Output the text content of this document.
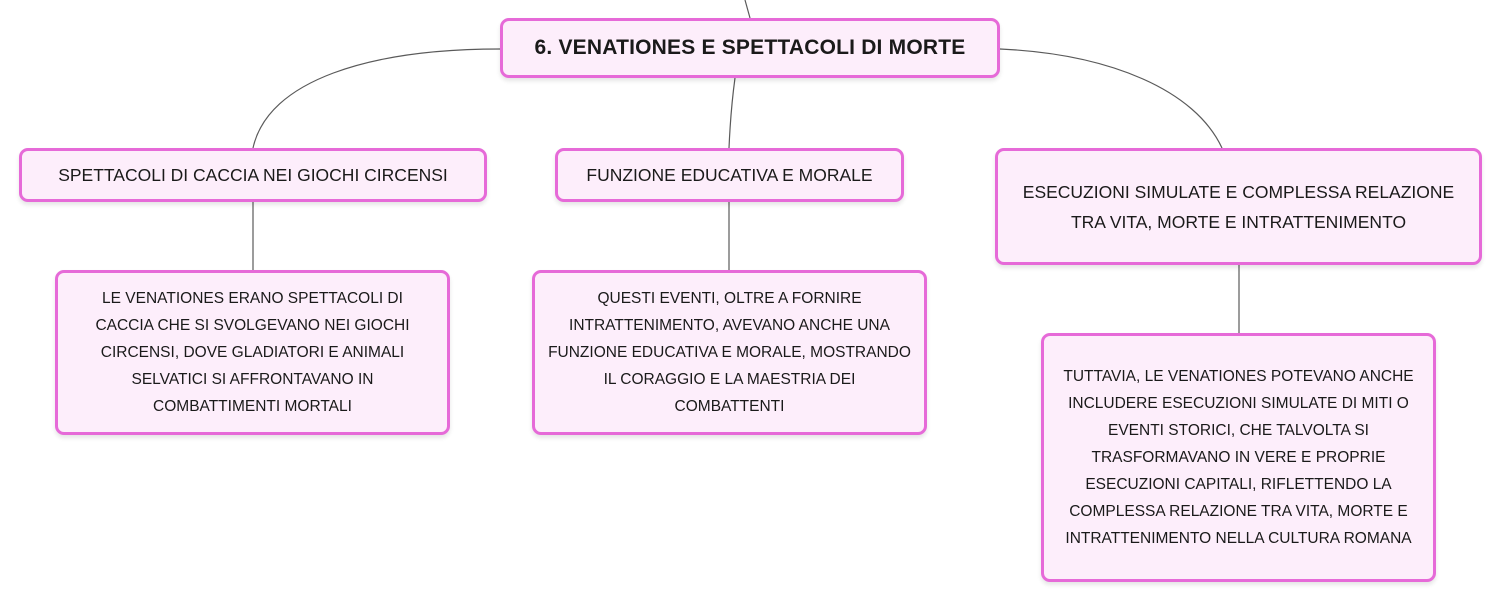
6. VENATIONES E SPETTACOLI DI MORTE
SPETTACOLI DI CACCIA NEI GIOCHI CIRCENSI	FUNZIONE EDUCATIVA E MORALE
ESECUZIONI SIMULATE E COMPLESSA RELAZIONE TRA VITA, MORTE E INTRATTENIMENTO
LE VENATIONES ERANO SPETTACOLI DI CACCIA CHE SI SVOLGEVANO NEI GIOCHI CIRCENSI, DOVE GLADIATORI E ANIMALI SELVATICI SI AFFRONTAVANO IN COMBATTIMENTI MORTALI
QUESTI EVENTI, OLTRE A FORNIRE INTRATTENIMENTO, AVEVANO ANCHE UNA FUNZIONE EDUCATIVA E MORALE, MOSTRANDO IL CORAGGIO E LA MAESTRIA DEI COMBATTENTI
TUTTAVIA, LE VENATIONES POTEVANO ANCHE INCLUDERE ESECUZIONI SIMULATE DI MITI O EVENTI STORICI, CHE TALVOLTA SI TRASFORMAVANO IN VERE E PROPRIE ESECUZIONI CAPITALI, RIFLETTENDO LA COMPLESSA RELAZIONE TRA VITA, MORTE E INTRATTENIMENTO NELLA CULTURA ROMANA
